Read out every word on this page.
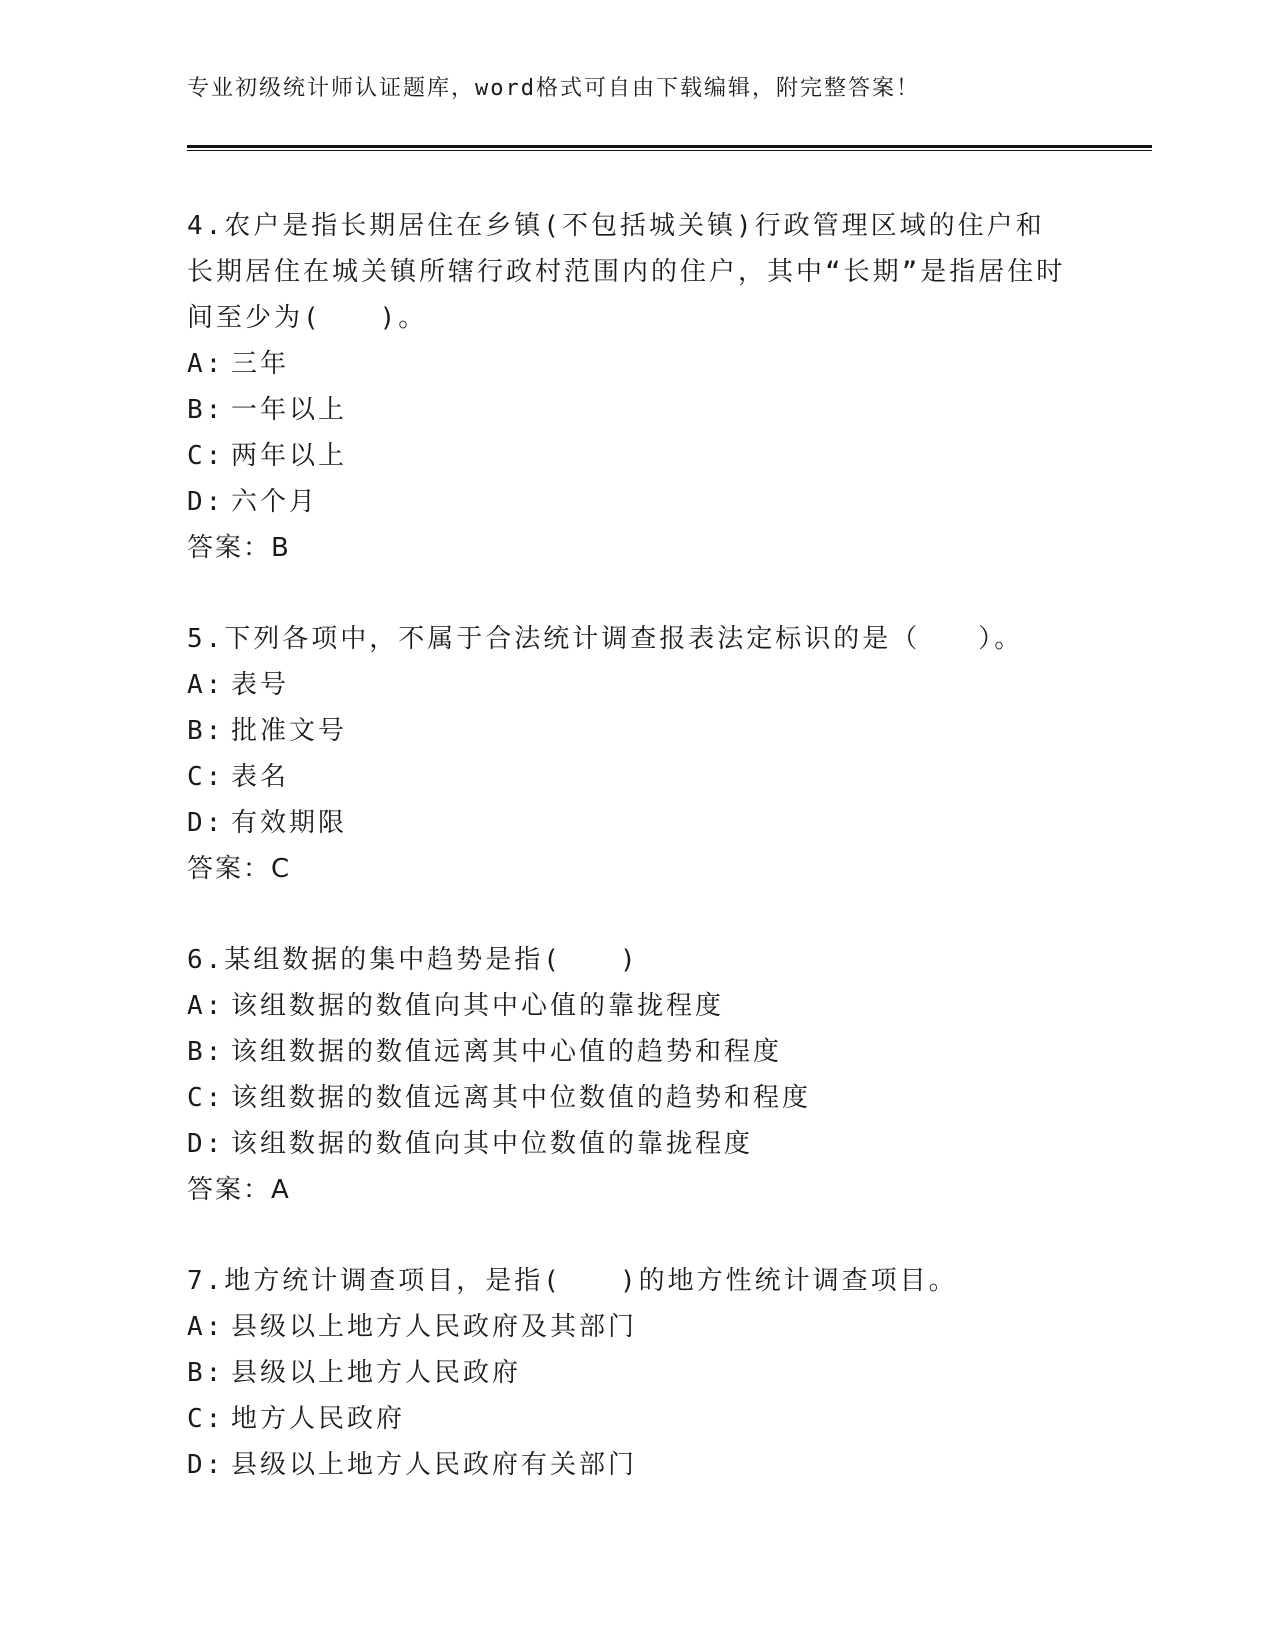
专业初级统计师认证题库，word格式可自由下载编辑，附完整答案！
4.农户是指长期居住在乡镇(不包括城关镇)行政管理区域的住户和长期居住在城关镇所辖行政村范围内的住户，其中“长期”是指居住时间至少为(　　)。
A: 三年
B: 一年以上
C: 两年以上
D: 六个月
答案：B
5.下列各项中，不属于合法统计调查报表法定标识的是（　　）。
A: 表号
B: 批准文号
C: 表名
D: 有效期限
答案：C
6.某组数据的集中趋势是指(　　)
A: 该组数据的数值向其中心值的靠拢程度
B: 该组数据的数值远离其中心值的趋势和程度
C: 该组数据的数值远离其中位数值的趋势和程度
D: 该组数据的数值向其中位数值的靠拢程度
答案：A
7.地方统计调查项目，是指(　　)的地方性统计调查项目。
A: 县级以上地方人民政府及其部门
B: 县级以上地方人民政府
C: 地方人民政府
D: 县级以上地方人民政府有关部门
